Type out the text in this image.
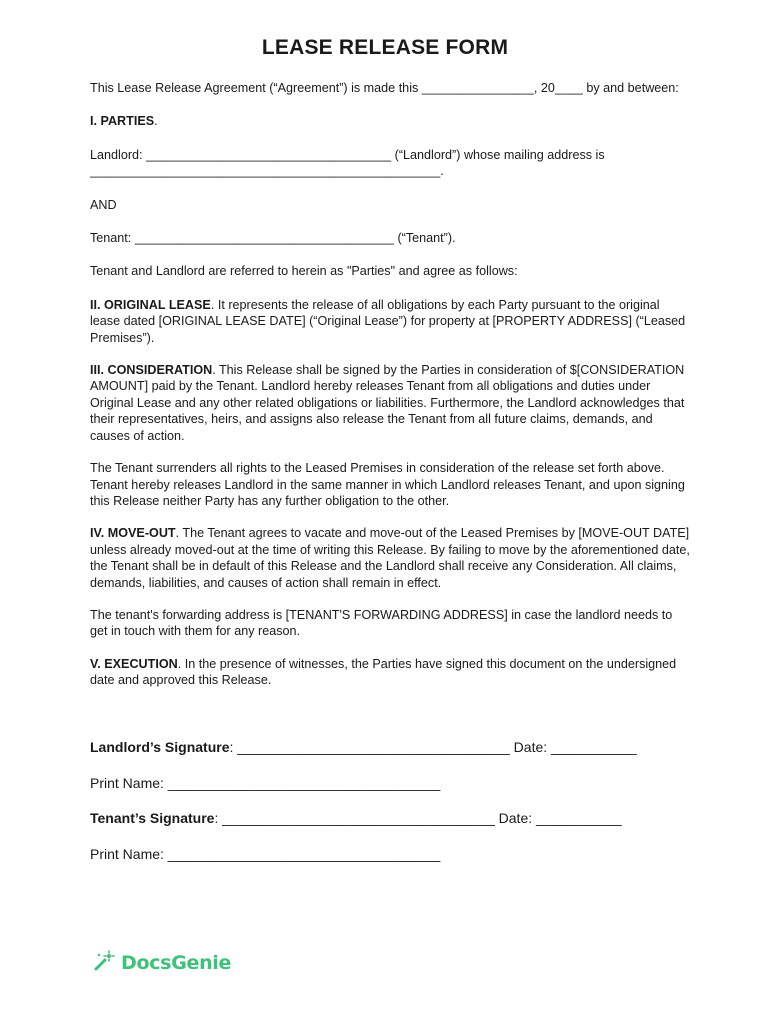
LEASE RELEASE FORM

This Lease Release Agreement (“Agreement”) is made this ________________, 20____ by and between:

I. PARTIES.

Landlord: ___________________________________ (“Landlord”) whose mailing address is __________________________________________________.

AND

Tenant: _____________________________________ (“Tenant”).

Tenant and Landlord are referred to herein as "Parties" and agree as follows:

II. ORIGINAL LEASE. It represents the release of all obligations by each Party pursuant to the original lease dated [ORIGINAL LEASE DATE] (“Original Lease”) for property at [PROPERTY ADDRESS] (“Leased Premises”).

III. CONSIDERATION. This Release shall be signed by the Parties in consideration of $[CONSIDERATION AMOUNT] paid by the Tenant. Landlord hereby releases Tenant from all obligations and duties under Original Lease and any other related obligations or liabilities. Furthermore, the Landlord acknowledges that their representatives, heirs, and assigns also release the Tenant from all future claims, demands, and causes of action.

The Tenant surrenders all rights to the Leased Premises in consideration of the release set forth above. Tenant hereby releases Landlord in the same manner in which Landlord releases Tenant, and upon signing this Release neither Party has any further obligation to the other.

IV. MOVE-OUT. The Tenant agrees to vacate and move-out of the Leased Premises by [MOVE-OUT DATE] unless already moved-out at the time of writing this Release. By failing to move by the aforementioned date, the Tenant shall be in default of this Release and the Landlord shall receive any Consideration. All claims, demands, liabilities, and causes of action shall remain in effect.

The tenant's forwarding address is [TENANT'S FORWARDING ADDRESS] in case the landlord needs to get in touch with them for any reason.

V. EXECUTION. In the presence of witnesses, the Parties have signed this document on the undersigned date and approved this Release.

Landlord’s Signature: ___________________________________ Date: ___________
Print Name: ___________________________________
Tenant’s Signature: ___________________________________ Date: ___________
Print Name: ___________________________________
DocsGenie
